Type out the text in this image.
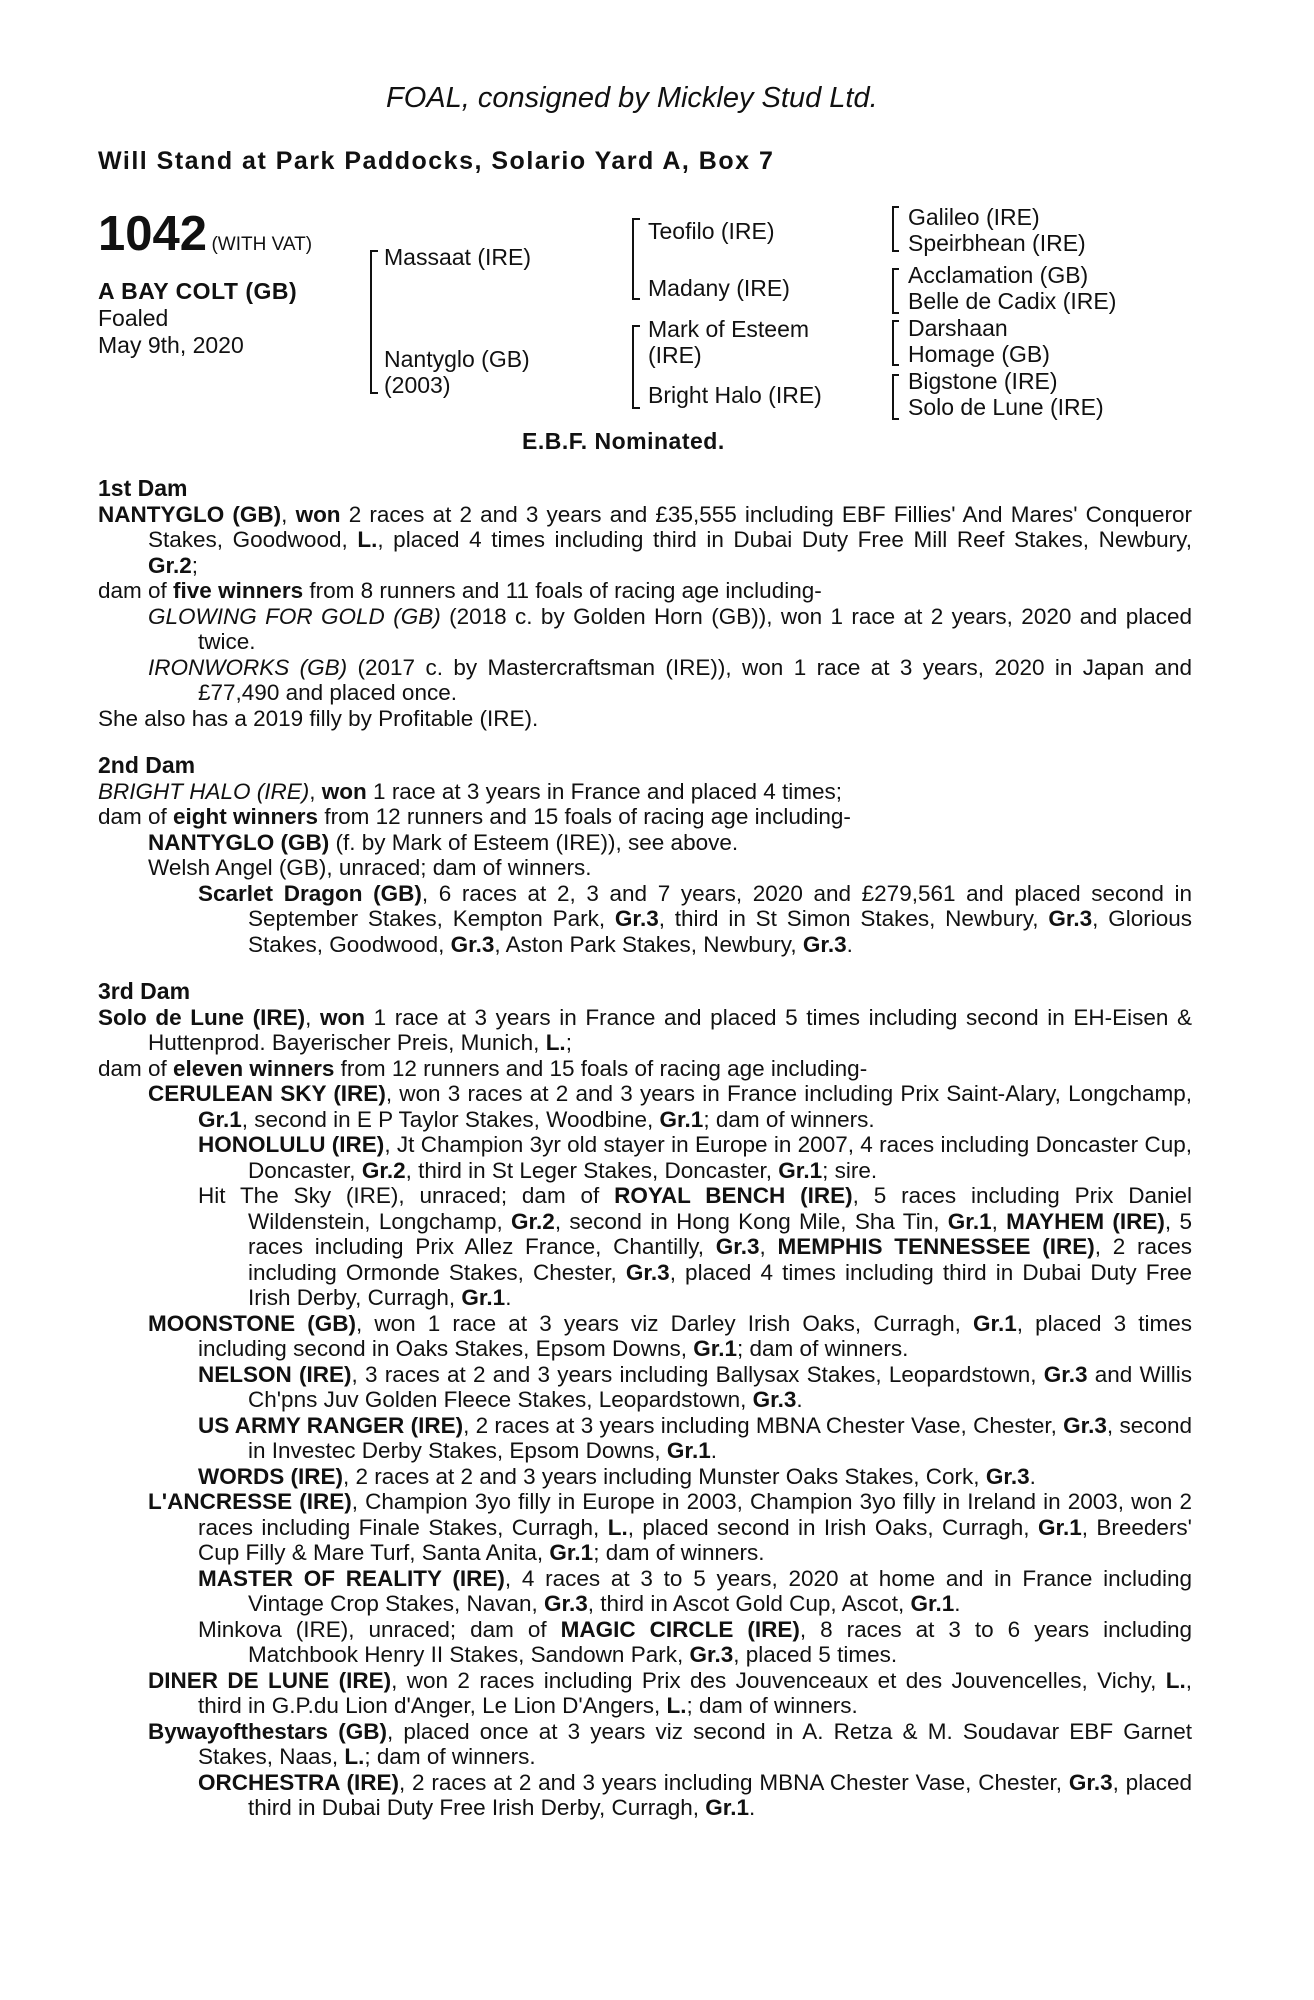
FOAL, consigned by Mickley Stud Ltd.
Will Stand at Park Paddocks, Solario Yard A, Box 7
1042 (WITH VAT)
A BAY COLT (GB)
Foaled
May 9th, 2020
Massaat (IRE)
Nantyglo (GB)
(2003)
Teofilo (IRE)
Madany (IRE)
Mark of Esteem
(IRE)
Bright Halo (IRE)
Galileo (IRE)
Speirbhean (IRE)
Acclamation (GB)
Belle de Cadix (IRE)
Darshaan
Homage (GB)
Bigstone (IRE)
Solo de Lune (IRE)
E.B.F. Nominated.
1st Dam
NANTYGLO (GB), won 2 races at 2 and 3 years and £35,555 including EBF Fillies' And Mares' Conqueror Stakes, Goodwood, L., placed 4 times including third in Dubai Duty Free Mill Reef Stakes, Newbury, Gr.2;
dam of five winners from 8 runners and 11 foals of racing age including-
GLOWING FOR GOLD (GB) (2018 c. by Golden Horn (GB)), won 1 race at 2 years, 2020 and placed twice.
IRONWORKS (GB) (2017 c. by Mastercraftsman (IRE)), won 1 race at 3 years, 2020 in Japan and £77,490 and placed once.
She also has a 2019 filly by Profitable (IRE).
2nd Dam
BRIGHT HALO (IRE), won 1 race at 3 years in France and placed 4 times;
dam of eight winners from 12 runners and 15 foals of racing age including-
NANTYGLO (GB) (f. by Mark of Esteem (IRE)), see above.
Welsh Angel (GB), unraced; dam of winners.
Scarlet Dragon (GB), 6 races at 2, 3 and 7 years, 2020 and £279,561 and placed second in September Stakes, Kempton Park, Gr.3, third in St Simon Stakes, Newbury, Gr.3, Glorious Stakes, Goodwood, Gr.3, Aston Park Stakes, Newbury, Gr.3.
3rd Dam
Solo de Lune (IRE), won 1 race at 3 years in France and placed 5 times including second in EH-Eisen & Huttenprod. Bayerischer Preis, Munich, L.;
dam of eleven winners from 12 runners and 15 foals of racing age including-
CERULEAN SKY (IRE), won 3 races at 2 and 3 years in France including Prix Saint-Alary, Longchamp, Gr.1, second in E P Taylor Stakes, Woodbine, Gr.1; dam of winners.
HONOLULU (IRE), Jt Champion 3yr old stayer in Europe in 2007, 4 races including Doncaster Cup, Doncaster, Gr.2, third in St Leger Stakes, Doncaster, Gr.1; sire.
Hit The Sky (IRE), unraced; dam of ROYAL BENCH (IRE), 5 races including Prix Daniel Wildenstein, Longchamp, Gr.2, second in Hong Kong Mile, Sha Tin, Gr.1, MAYHEM (IRE), 5 races including Prix Allez France, Chantilly, Gr.3, MEMPHIS TENNESSEE (IRE), 2 races including Ormonde Stakes, Chester, Gr.3, placed 4 times including third in Dubai Duty Free Irish Derby, Curragh, Gr.1.
MOONSTONE (GB), won 1 race at 3 years viz Darley Irish Oaks, Curragh, Gr.1, placed 3 times including second in Oaks Stakes, Epsom Downs, Gr.1; dam of winners.
NELSON (IRE), 3 races at 2 and 3 years including Ballysax Stakes, Leopardstown, Gr.3 and Willis Ch'pns Juv Golden Fleece Stakes, Leopardstown, Gr.3.
US ARMY RANGER (IRE), 2 races at 3 years including MBNA Chester Vase, Chester, Gr.3, second in Investec Derby Stakes, Epsom Downs, Gr.1.
WORDS (IRE), 2 races at 2 and 3 years including Munster Oaks Stakes, Cork, Gr.3.
L'ANCRESSE (IRE), Champion 3yo filly in Europe in 2003, Champion 3yo filly in Ireland in 2003, won 2 races including Finale Stakes, Curragh, L., placed second in Irish Oaks, Curragh, Gr.1, Breeders' Cup Filly & Mare Turf, Santa Anita, Gr.1; dam of winners.
MASTER OF REALITY (IRE), 4 races at 3 to 5 years, 2020 at home and in France including Vintage Crop Stakes, Navan, Gr.3, third in Ascot Gold Cup, Ascot, Gr.1.
Minkova (IRE), unraced; dam of MAGIC CIRCLE (IRE), 8 races at 3 to 6 years including Matchbook Henry II Stakes, Sandown Park, Gr.3, placed 5 times.
DINER DE LUNE (IRE), won 2 races including Prix des Jouvenceaux et des Jouvencelles, Vichy, L., third in G.P.du Lion d'Anger, Le Lion D'Angers, L.; dam of winners.
Bywayofthestars (GB), placed once at 3 years viz second in A. Retza & M. Soudavar EBF Garnet Stakes, Naas, L.; dam of winners.
ORCHESTRA (IRE), 2 races at 2 and 3 years including MBNA Chester Vase, Chester, Gr.3, placed third in Dubai Duty Free Irish Derby, Curragh, Gr.1.
